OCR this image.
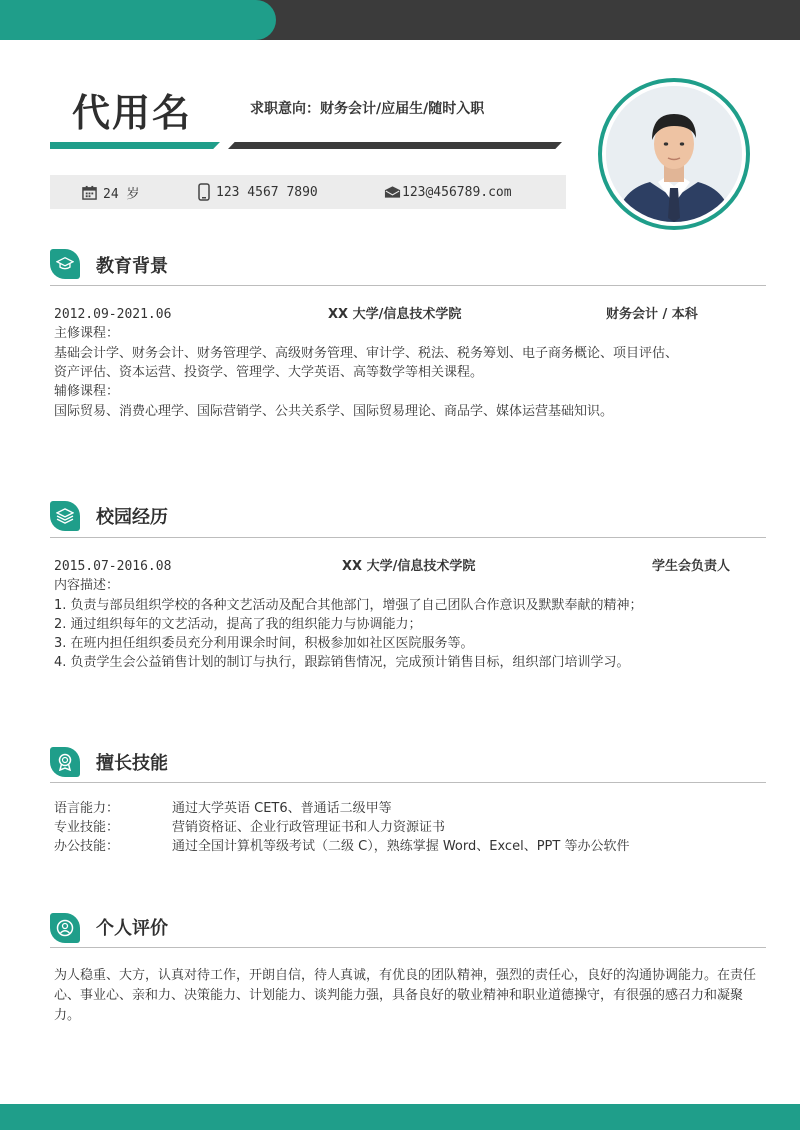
代用名	求职意向：财务会计/应届生/随时入职
24 岁	123 4567 7890	123@456789.com
教育背景
2012.09-2021.06	XX 大学/信息技术学院	财务会计 / 本科
主修课程：
基础会计学、财务会计、财务管理学、高级财务管理、审计学、税法、税务筹划、电子商务概论、项目评估、
资产评估、资本运营、投资学、管理学、大学英语、高等数学等相关课程。
辅修课程：
国际贸易、消费心理学、国际营销学、公共关系学、国际贸易理论、商品学、媒体运营基础知识。
校园经历
2015.07-2016.08	XX 大学/信息技术学院	学生会负责人
内容描述：
1. 负责与部员组织学校的各种文艺活动及配合其他部门，增强了自己团队合作意识及默默奉献的精神；
2. 通过组织每年的文艺活动，提高了我的组织能力与协调能力；
3. 在班内担任组织委员充分利用课余时间，积极参加如社区医院服务等。
4. 负责学生会公益销售计划的制订与执行，跟踪销售情况，完成预计销售目标，组织部门培训学习。
擅长技能
语言能力：	通过大学英语 CET6、普通话二级甲等
专业技能：	营销资格证、企业行政管理证书和人力资源证书
办公技能：	通过全国计算机等级考试（二级 C），熟练掌握 Word、Excel、PPT 等办公软件
个人评价
为人稳重、大方，认真对待工作，开朗自信，待人真诚，有优良的团队精神，强烈的责任心，良好的沟通协调能力。在责任心、事业心、亲和力、决策能力、计划能力、谈判能力强，具备良好的敬业精神和职业道德操守，有很强的感召力和凝聚力。
